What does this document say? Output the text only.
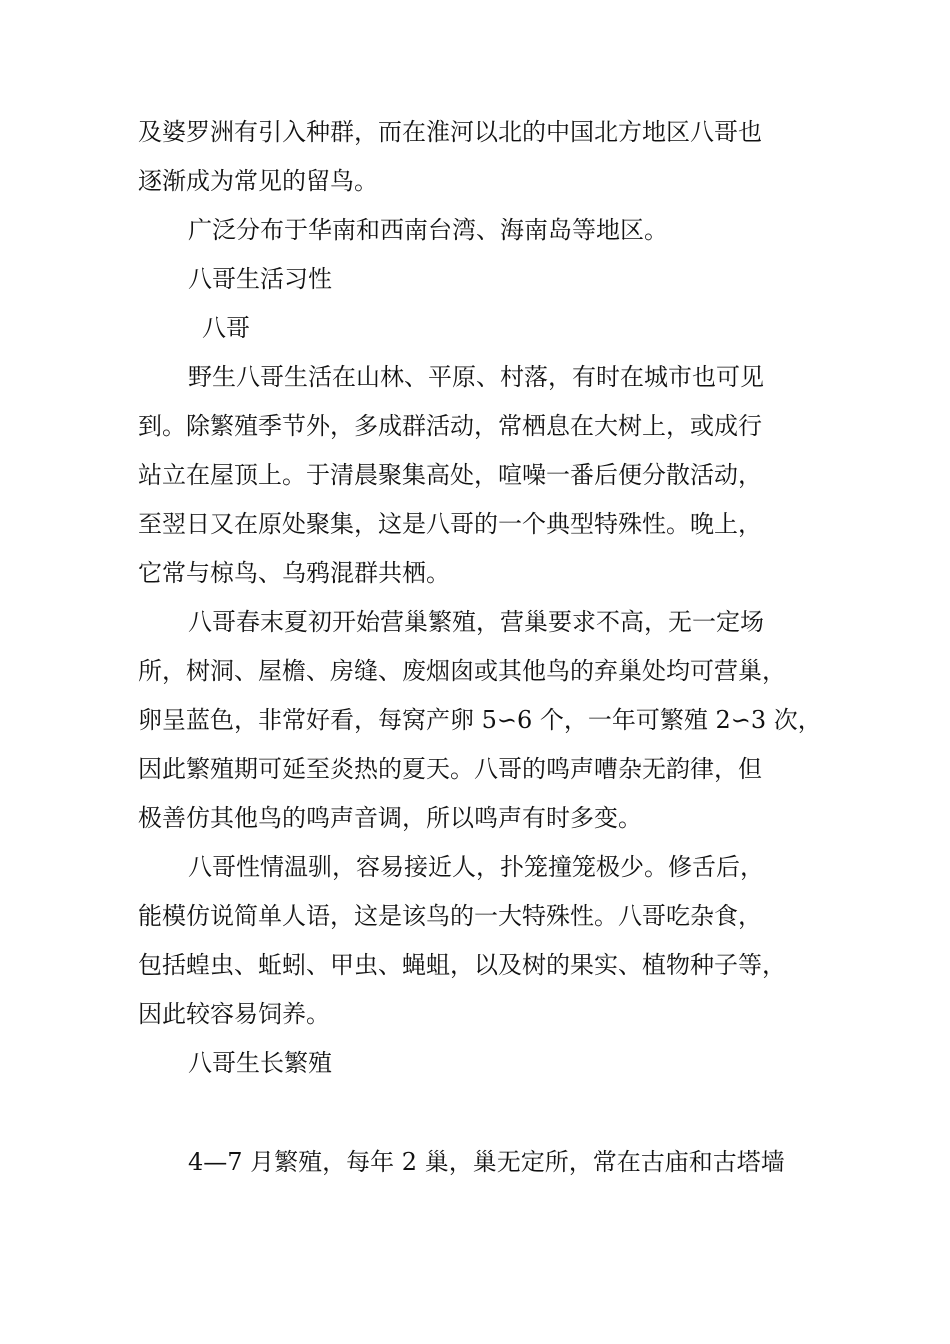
及婆罗洲有引入种群，而在淮河以北的中国北方地区八哥也
逐渐成为常见的留鸟。
广泛分布于华南和西南台湾、海南岛等地区。
八哥生活习性
八哥
野生八哥生活在山林、平原、村落，有时在城市也可见
到。除繁殖季节外，多成群活动，常栖息在大树上，或成行
站立在屋顶上。于清晨聚集高处，喧噪一番后便分散活动，
至翌日又在原处聚集，这是八哥的一个典型特殊性。晚上，
它常与椋鸟、乌鸦混群共栖。
八哥春末夏初开始营巢繁殖，营巢要求不高，无一定场
所，树洞、屋檐、房缝、废烟囱或其他鸟的弃巢处均可营巢，
卵呈蓝色，非常好看，每窝产卵 5∽6 个，一年可繁殖 2∽3 次，
因此繁殖期可延至炎热的夏天。八哥的鸣声嘈杂无韵律，但
极善仿其他鸟的鸣声音调，所以鸣声有时多变。
八哥性情温驯，容易接近人，扑笼撞笼极少。修舌后，
能模仿说简单人语，这是该鸟的一大特殊性。八哥吃杂食，
包括蝗虫、蚯蚓、甲虫、蝇蛆，以及树的果实、植物种子等，
因此较容易饲养。
八哥生长繁殖
4—7 月繁殖，每年 2 巢，巢无定所，常在古庙和古塔墙
